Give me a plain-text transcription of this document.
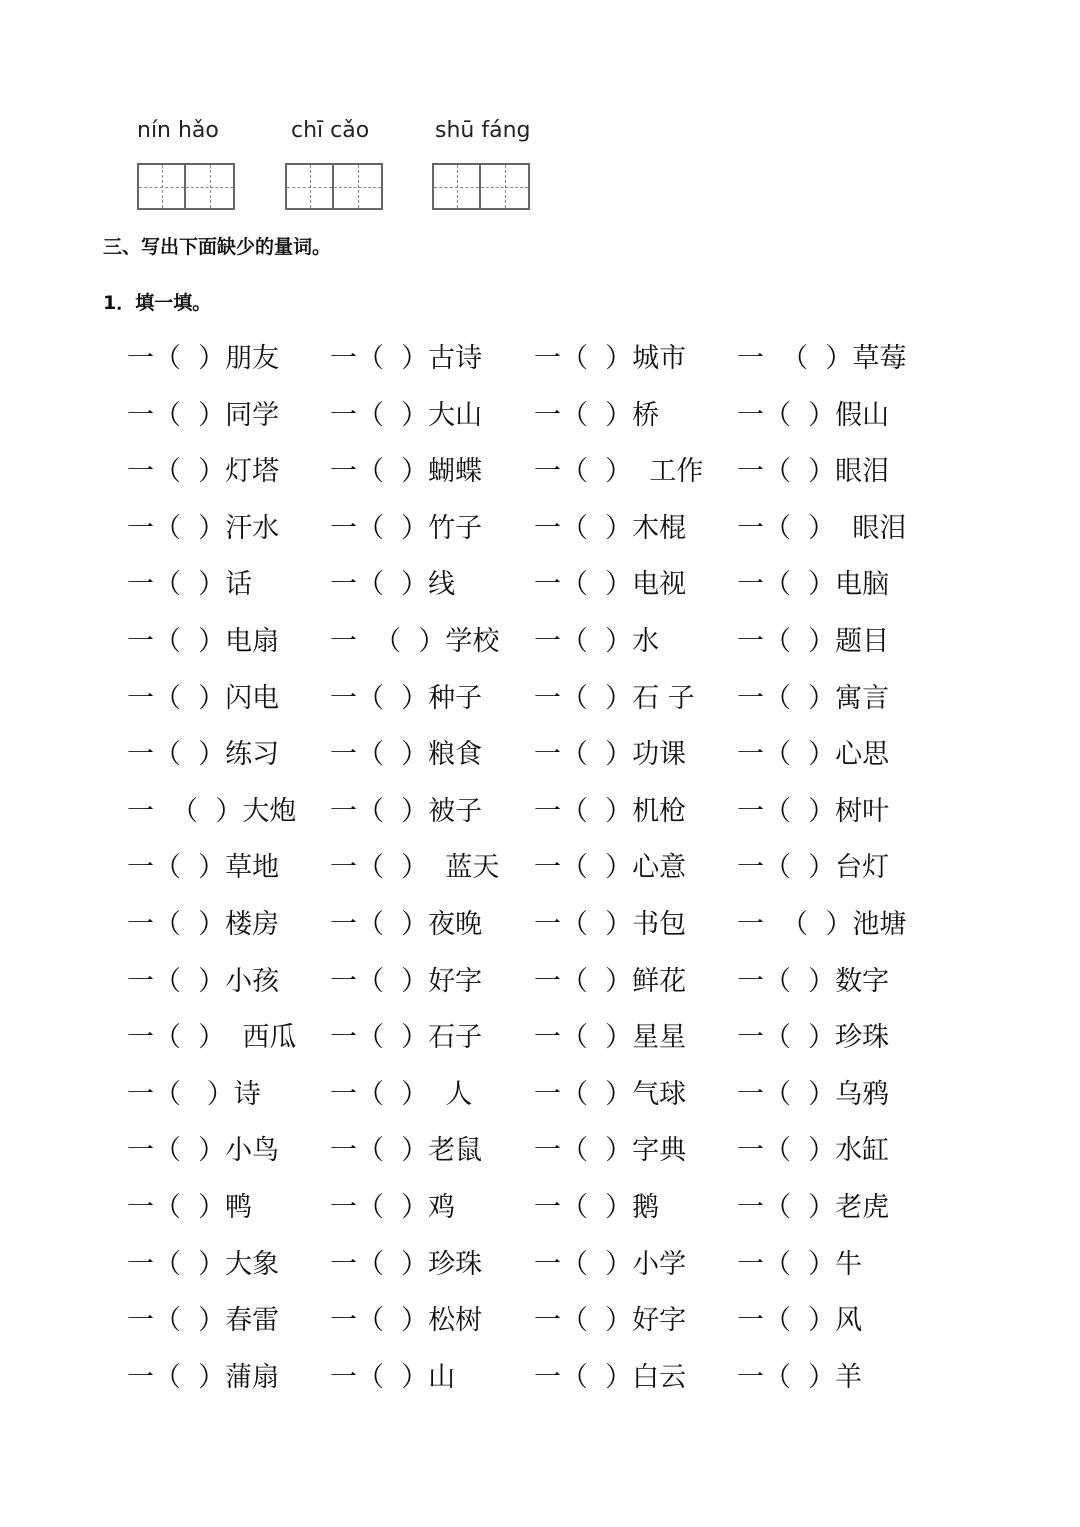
nín hǎo	chī cǎo	shū fáng
三、写出下面缺少的量词。
1．填一填。
一（  ）朋友 一（  ）古诗 一（  ）城市 一  （  ）草莓
一（  ）同学 一（  ）大山 一（  ）桥	一（  ）假山
一（  ）灯塔 一（  ）蝴蝶 一（  ）  工作 一（  ）眼泪
一（  ）汗水 一（  ）竹子 一（  ）木棍 一（  ）  眼泪
一（  ）话	一（  ）线	一（  ）电视 一（  ）电脑
一（  ）电扇 一  （  ）学校 一（  ）水	一（  ）题目
一（  ）闪电 一（  ）种子 一（  ）石 子 一（  ）寓言
一（  ）练习 一（  ）粮食 一（  ）功课 一（  ）心思
一  （  ）大炮 一（  ）被子 一（  ）机枪 一（  ）树叶
一（  ）草地 一（  ）  蓝天 一（  ）心意 一（  ）台灯
一（  ）楼房 一（  ）夜晚 一（  ）书包 一  （  ）池塘
一（  ）小孩 一（  ）好字 一（  ）鲜花 一（  ）数字
一（  ）  西瓜 一（  ）石子 一（  ）星星 一（  ）珍珠
一（   ）诗	一（  ）  人 一（  ）气球 一（  ）乌鸦
一（  ）小鸟 一（  ）老鼠 一（  ）字典 一（  ）水缸
一（  ）鸭	一（  ）鸡	一（  ）鹅	一（  ）老虎
一（  ）大象 一（  ）珍珠 一（  ）小学 一（  ）牛
一（  ）春雷 一（  ）松树 一（  ）好字 一（  ）风
一（  ）蒲扇 一（  ）山	一（  ）白云 一（  ）羊
